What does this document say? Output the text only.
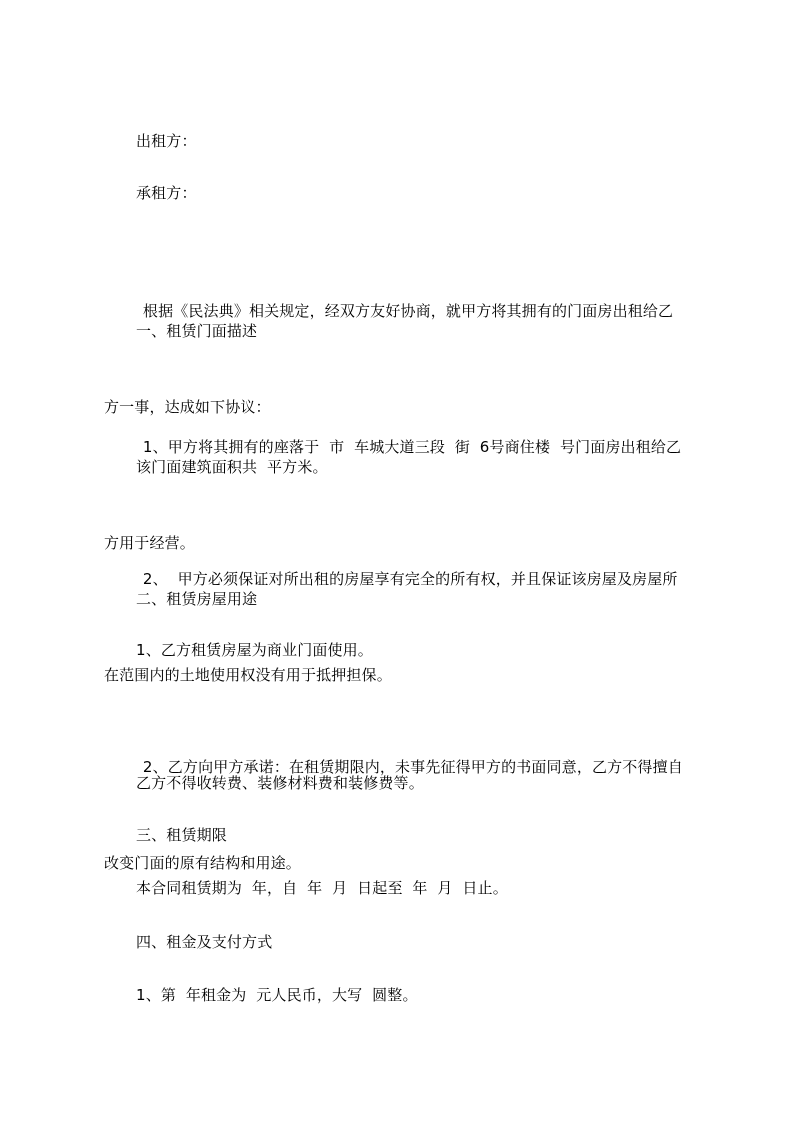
出租方：

承租方：

根据《民法典》相关规定，经双方友好协商，就甲方将其拥有的门面房出租给乙

方一事，达成如下协议：

一、租赁门面描述

1、甲方将其拥有的座落于  市  车城大道三段  街  6号商住楼  号门面房出租给乙

方用于经营。

该门面建筑面积共  平方米。

2、  甲方必须保证对所出租的房屋享有完全的所有权，并且保证该房屋及房屋所

在范围内的土地使用权没有用于抵押担保。

二、租赁房屋用途

1、乙方租赁房屋为商业门面使用。

2、乙方向甲方承诺：在租赁期限内，未事先征得甲方的书面同意，乙方不得擅自

改变门面的原有结构和用途。

乙方不得收转费、装修材料费和装修费等。

三、租赁期限

本合同租赁期为  年，自  年  月  日起至  年  月  日止。

四、租金及支付方式

1、第  年租金为  元人民币，大写  圆整。
